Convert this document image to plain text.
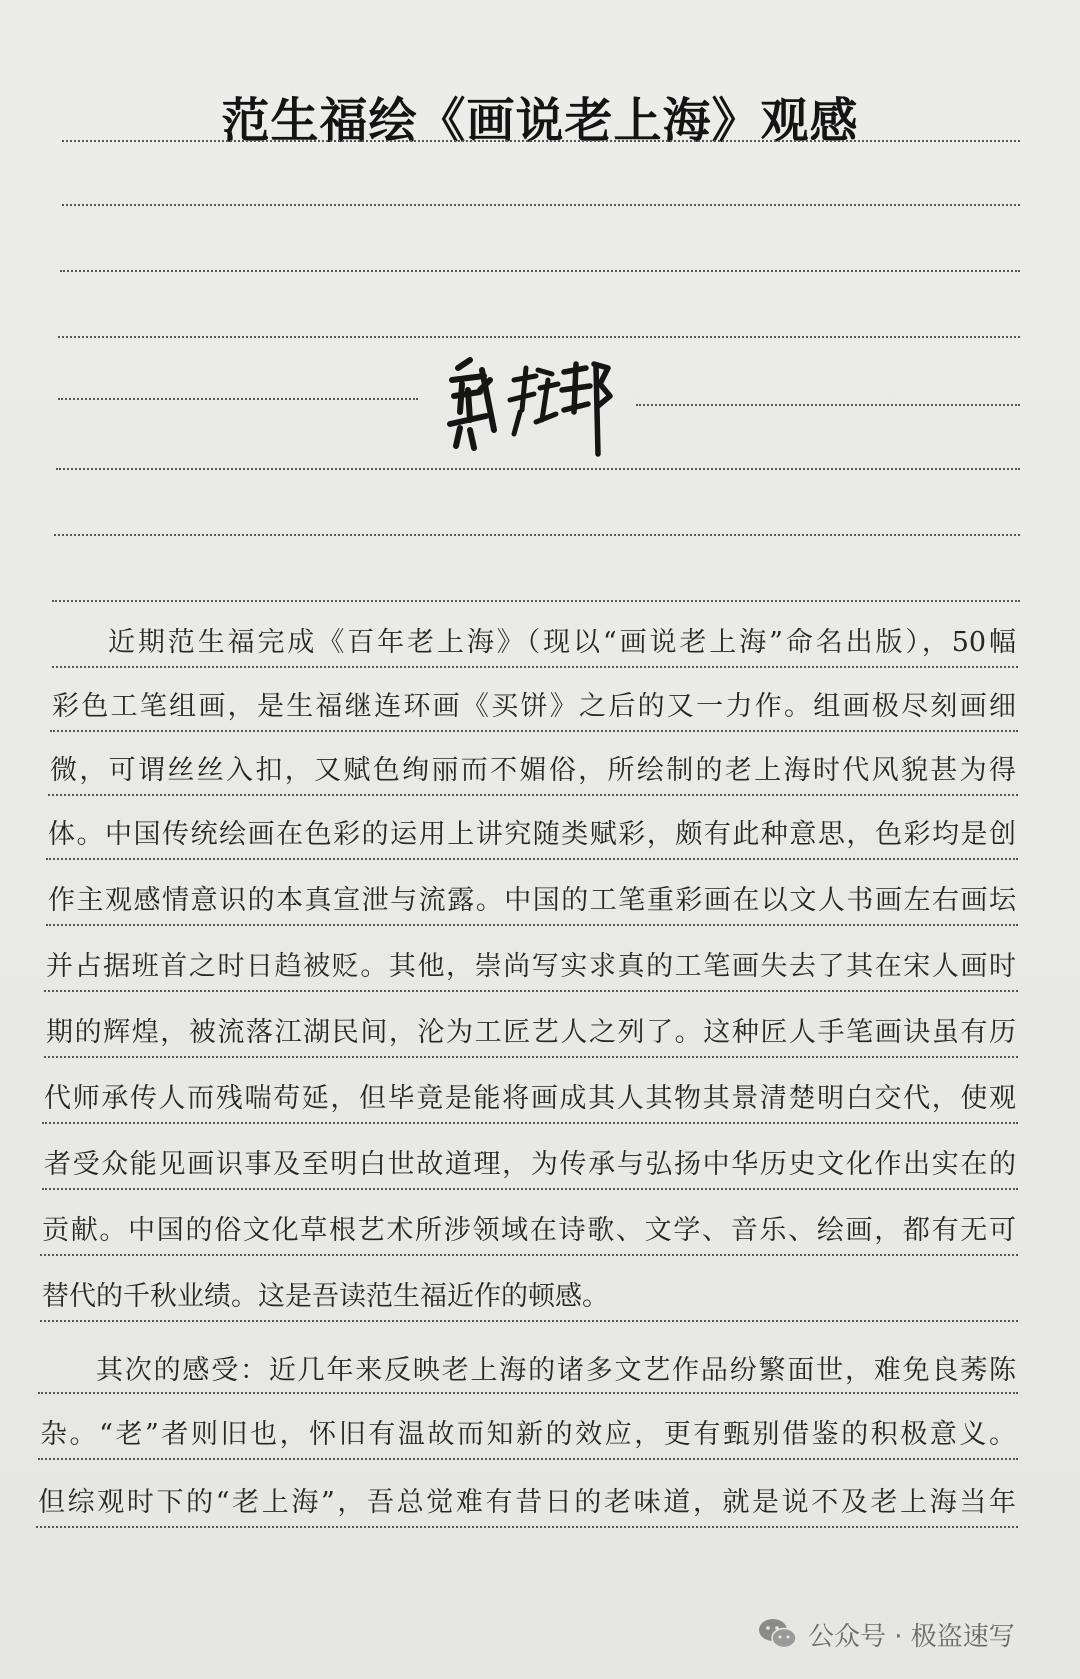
范生福绘《画说老上海》观感
近期范生福完成《百年老上海》（现以“画说老上海”命名出版），50幅
彩色工笔组画，是生福继连环画《买饼》之后的又一力作。组画极尽刻画细
微，可谓丝丝入扣，又赋色绚丽而不媚俗，所绘制的老上海时代风貌甚为得
体。中国传统绘画在色彩的运用上讲究随类赋彩，颇有此种意思，色彩均是创
作主观感情意识的本真宣泄与流露。中国的工笔重彩画在以文人书画左右画坛
并占据班首之时日趋被贬。其他，崇尚写实求真的工笔画失去了其在宋人画时
期的辉煌，被流落江湖民间，沦为工匠艺人之列了。这种匠人手笔画诀虽有历
代师承传人而残喘苟延，但毕竟是能将画成其人其物其景清楚明白交代，使观
者受众能见画识事及至明白世故道理，为传承与弘扬中华历史文化作出实在的
贡献。中国的俗文化草根艺术所涉领域在诗歌、文学、音乐、绘画，都有无可
替代的千秋业绩。这是吾读范生福近作的顿感。
其次的感受：近几年来反映老上海的诸多文艺作品纷繁面世，难免良莠陈
杂。“老”者则旧也，怀旧有温故而知新的效应，更有甄别借鉴的积极意义。
但综观时下的“老上海”，吾总觉难有昔日的老味道，就是说不及老上海当年
公众号 · 极盗速写
